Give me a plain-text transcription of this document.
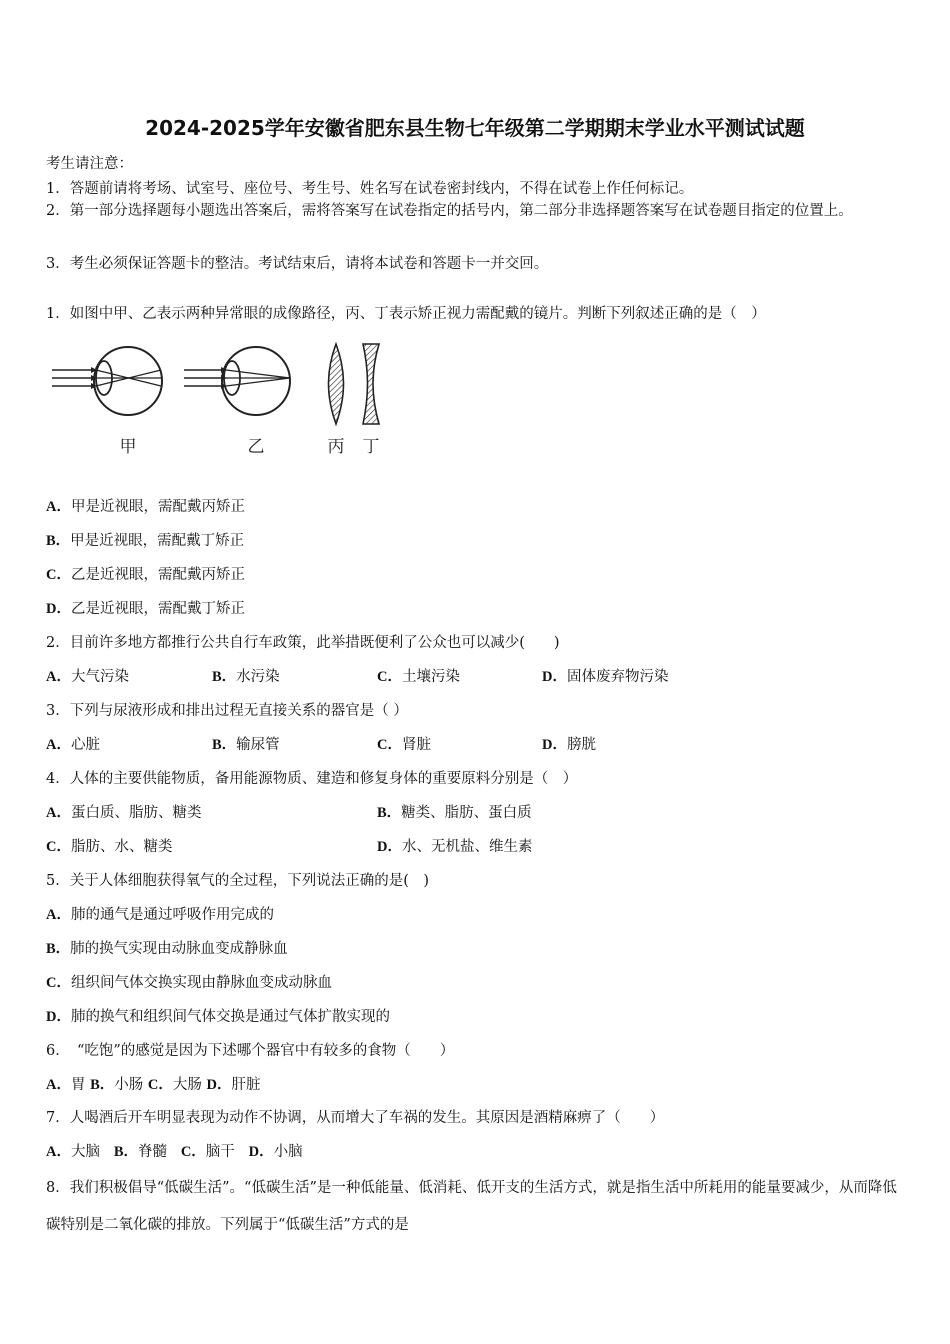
2024-2025学年安徽省肥东县生物七年级第二学期期末学业水平测试试题
考生请注意：
1．答题前请将考场、试室号、座位号、考生号、姓名写在试卷密封线内，不得在试卷上作任何标记。
2．第一部分选择题每小题选出答案后，需将答案写在试卷指定的括号内，第二部分非选择题答案写在试卷题目指定的位置上。
3．考生必须保证答题卡的整洁。考试结束后，请将本试卷和答题卡一并交回。
1．如图中甲、乙表示两种异常眼的成像路径，丙、丁表示矫正视力需配戴的镜片。判断下列叙述正确的是（　）
甲	乙	丙 丁
A．甲是近视眼，需配戴丙矫正
B．甲是近视眼，需配戴丁矫正
C．乙是近视眼，需配戴丙矫正
D．乙是近视眼，需配戴丁矫正
2．目前许多地方都推行公共自行车政策，此举措既便利了公众也可以减少(　　)
A．大气污染	B．水污染	C．土壤污染	D．固体废弃物污染
3．下列与尿液形成和排出过程无直接关系的器官是（ ）
A．心脏	B．输尿管	C．肾脏	D．膀胱
4．人体的主要供能物质，备用能源物质、建造和修复身体的重要原料分别是（　）
A．蛋白质、脂肪、糖类	B．糖类、脂肪、蛋白质
C．脂肪、水、糖类	D．水、无机盐、维生素
5．关于人体细胞获得氧气的全过程，下列说法正确的是(　)
A．肺的通气是通过呼吸作用完成的
B．肺的换气实现由动脉血变成静脉血
C．组织间气体交换实现由静脉血变成动脉血
D．肺的换气和组织间气体交换是通过气体扩散实现的
6．　“吃饱”的感觉是因为下述哪个器官中有较多的食物（　　）
A．胃 B．小肠 C．大肠 D．肝脏
7．人喝酒后开车明显表现为动作不协调，从而增大了车祸的发生。其原因是酒精麻痹了（　　）
A．大脑 B．脊髓 C．脑干 D．小脑
8．我们积极倡导“低碳生活”。“低碳生活”是一种低能量、低消耗、低开支的生活方式，就是指生活中所耗用的能量要减少，从而降低碳特别是二氧化碳的排放。下列属于“低碳生活”方式的是
